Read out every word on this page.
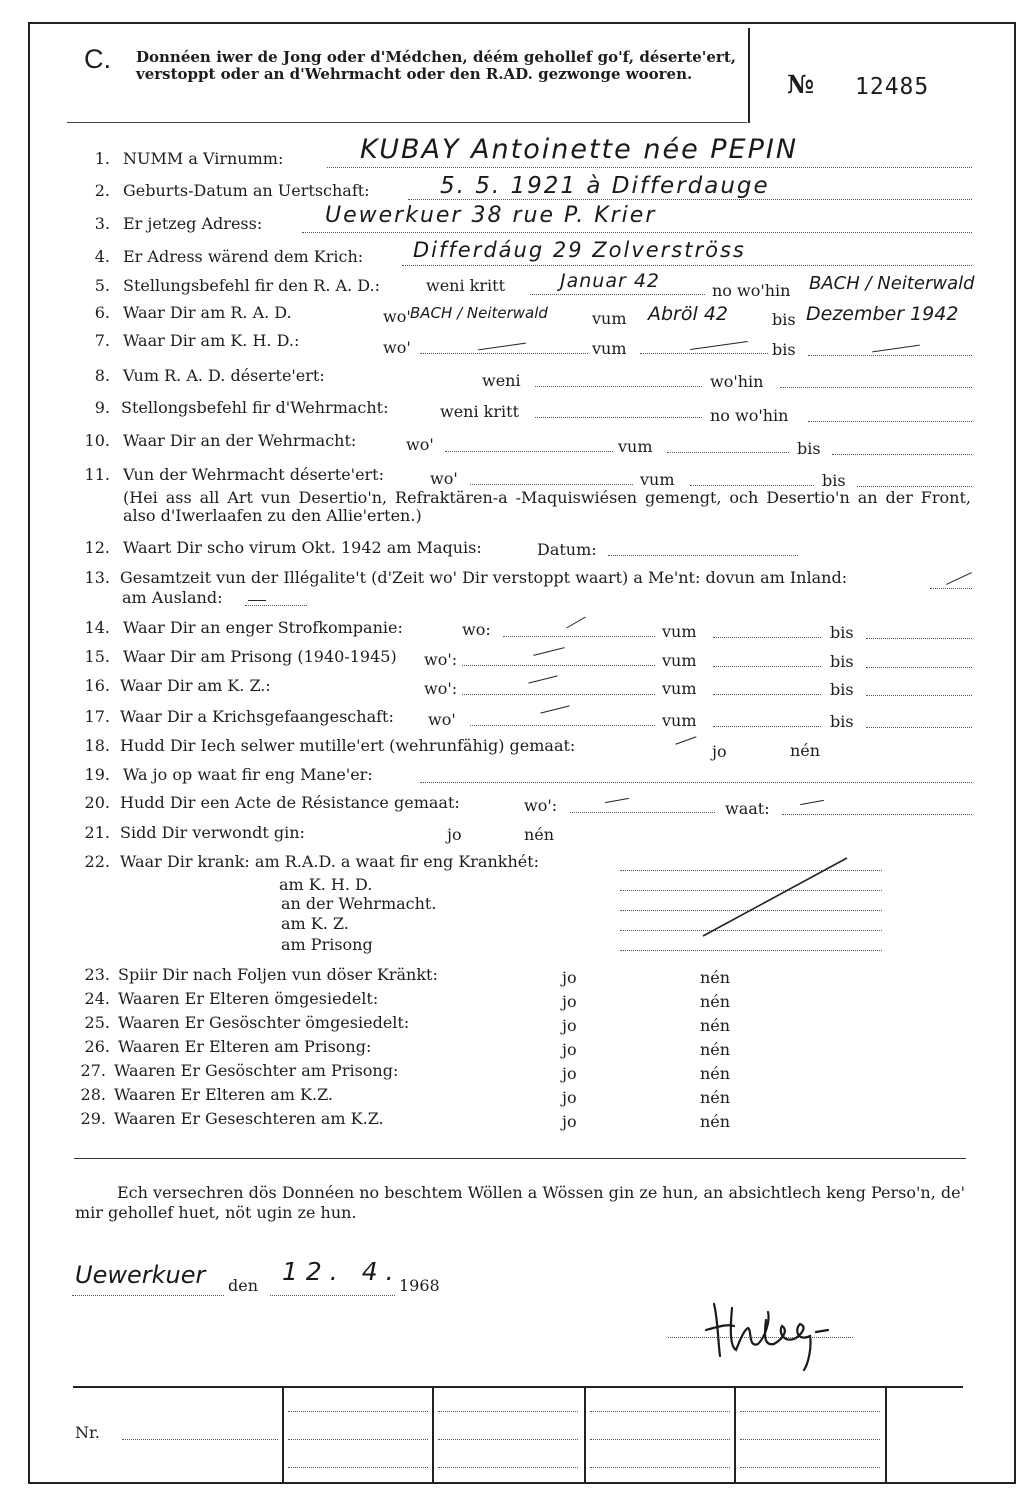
C. Donnéen iwer de Jong oder d'Médchen, déém gehollef go'f, déserte'ert, verstoppt oder an d'Wehrmacht oder den R.AD. gezwonge wooren.	№ 12485
1. NUMM a Virnumm:	KUBAY Antoinette née PEPIN
2. Geburts-Datum an Uertschaft:	5. 5. 1921 à Differdauge
3. Er jetzeg Adress:	Uewerkuer 38 rue P. Krier
4. Er Adress wärend dem Krich: Differdáug 29 Zolverströss
5. Stellungsbefehl fir den R. A. D.:	weni kritt	Januar 42	no wo'hin BACH / Neiterwald
6. Waar Dir am R. A. D.	wo' BACH / Neiterwald	vum Abröl 42	bis Dezember 1942
7. Waar Dir am K. H. D.:	wo'	vum	bis
8. Vum R. A. D. déserte'ert:	weni	wo'hin
9. Stellongsbefehl fir d'Wehrmacht:	weni kritt	no wo'hin
10. Waar Dir an der Wehrmacht:	wo'	vum	bis
11. Vun der Wehrmacht déserte'ert:	wo'	vum	bis
(Hei ass all Art vun Desertio'n, Refraktären-a -Maquiswiésen gemengt, och Desertio'n an der Front, also d'Iwerlaafen zu den Allie'erten.)
12. Waart Dir scho virum Okt. 1942 am Maquis:	Datum:
13. Gesamtzeit vun der Illégalite't (d'Zeit wo' Dir verstoppt waart) a Me'nt: dovun am Inland:
am Ausland:
14. Waar Dir an enger Strofkompanie:	wo:	vum	bis
15. Waar Dir am Prisong (1940-1945) wo':	vum	bis
16. Waar Dir am K. Z.:	wo':	vum	bis
17. Waar Dir a Krichsgefaangeschaft: wo'	vum	bis
18. Hudd Dir Iech selwer mutille'ert (wehrunfähig) gemaat:	jo	nén
19. Wa jo op waat fir eng Mane'er:
20. Hudd Dir een Acte de Résistance gemaat:	wo':	waat:
21. Sidd Dir verwondt gin:	jo	nén
22. Waar Dir krank: am R.A.D. a waat fir eng Krankhét:
am K. H. D.
an der Wehrmacht.
am K. Z.
am Prisong
23. Spiir Dir nach Foljen vun döser Kränkt:	jo	nén
24. Waaren Er Elteren ömgesiedelt:	jo	nén
25. Waaren Er Gesöschter ömgesiedelt:	jo	nén
26. Waaren Er Elteren am Prisong:	jo	nén
27. Waaren Er Gesöschter am Prisong:	jo	nén
28. Waaren Er Elteren am K.Z.	jo	nén
29. Waaren Er Geseschteren am K.Z.	jo	nén
Ech versechren dös Donnéen no beschtem Wöllen a Wössen gin ze hun, an absichtlech keng Perso'n, de' mir gehollef huet, nöt ugin ze hun.
Uewerkuer den 12. 4.
1968
Nr.
